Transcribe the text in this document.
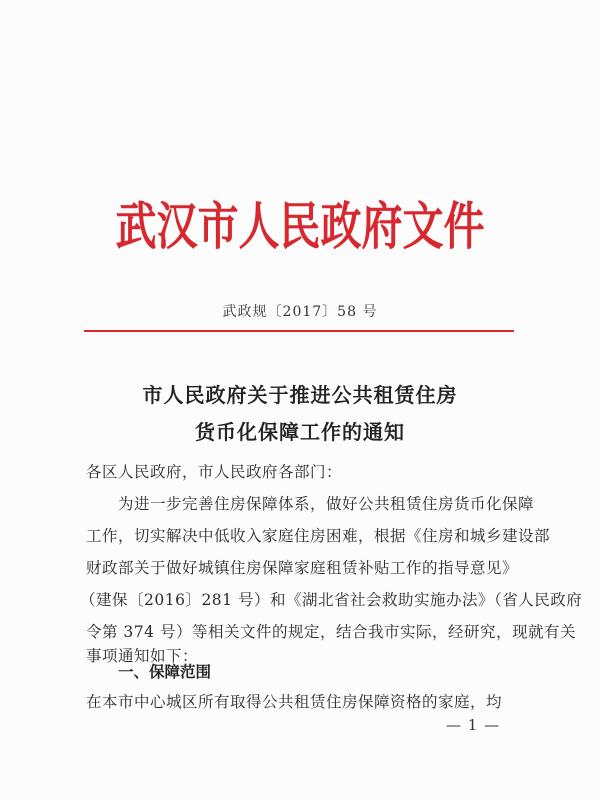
武汉市人民政府文件
武政规〔2017〕58 号
市人民政府关于推进公共租赁住房
货币化保障工作的通知
各区人民政府，市人民政府各部门：
为进一步完善住房保障体系，做好公共租赁住房货币化保障
工作，切实解决中低收入家庭住房困难，根据《住房和城乡建设部
财政部关于做好城镇住房保障家庭租赁补贴工作的指导意见》
（建保〔2016〕281 号）和《湖北省社会救助实施办法》（省人民政府
令第 374 号）等相关文件的规定，结合我市实际，经研究，现就有关
事项通知如下：
一、保障范围
在本市中心城区所有取得公共租赁住房保障资格的家庭，均
— 1 —
